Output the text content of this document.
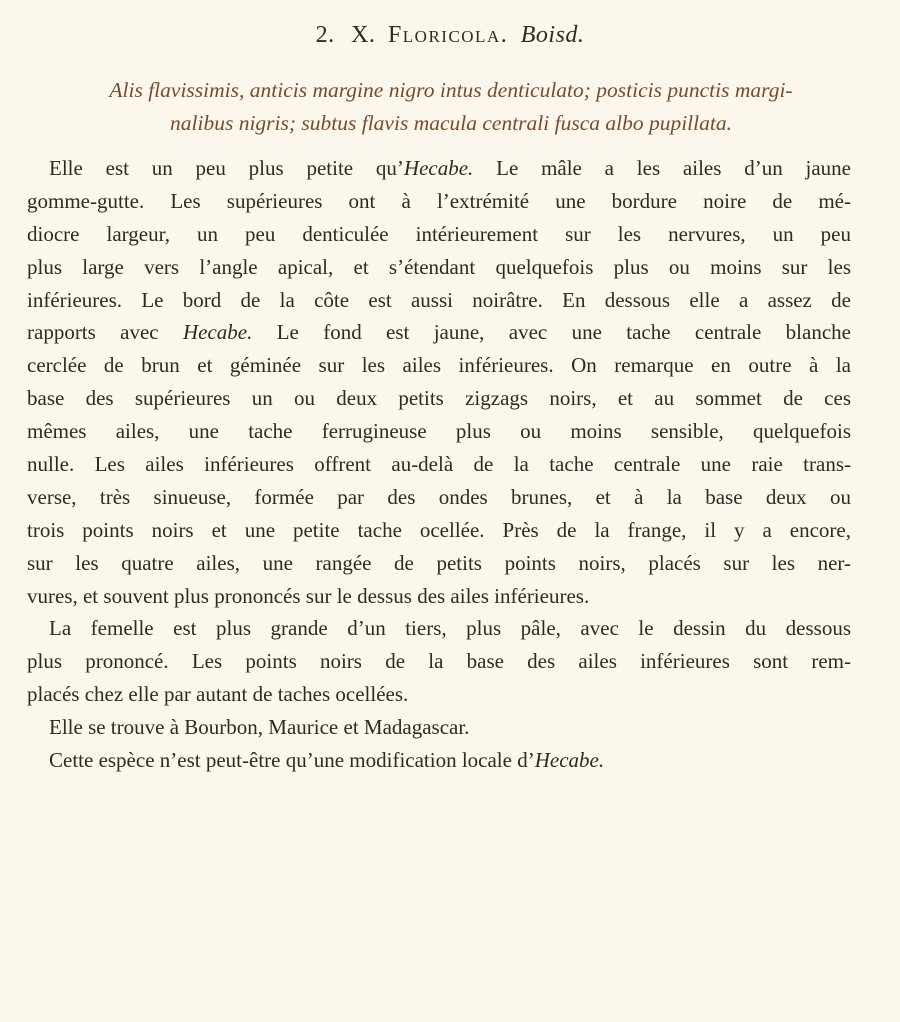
2. X. Floricola. Boisd.
Alis flavissimis, anticis margine nigro intus denticulato; posticis punctis margi-
nalibus nigris; subtus flavis macula centrali fusca albo pupillata.
Elle est un peu plus petite qu’Hecabe. Le mâle a les ailes d’un jaune
gomme-gutte. Les supérieures ont à l’extrémité une bordure noire de mé-
diocre largeur, un peu denticulée intérieurement sur les nervures, un peu
plus large vers l’angle apical, et s’étendant quelquefois plus ou moins sur les
inférieures. Le bord de la côte est aussi noirâtre. En dessous elle a assez de
rapports avec Hecabe. Le fond est jaune, avec une tache centrale blanche
cerclée de brun et géminée sur les ailes inférieures. On remarque en outre à la
base des supérieures un ou deux petits zigzags noirs, et au sommet de ces
mêmes ailes, une tache ferrugineuse plus ou moins sensible, quelquefois
nulle. Les ailes inférieures offrent au-delà de la tache centrale une raie trans-
verse, très sinueuse, formée par des ondes brunes, et à la base deux ou
trois points noirs et une petite tache ocellée. Près de la frange, il y a encore,
sur les quatre ailes, une rangée de petits points noirs, placés sur les ner-
vures, et souvent plus prononcés sur le dessus des ailes inférieures.
La femelle est plus grande d’un tiers, plus pâle, avec le dessin du dessous
plus prononcé. Les points noirs de la base des ailes inférieures sont rem-
placés chez elle par autant de taches ocellées.
Elle se trouve à Bourbon, Maurice et Madagascar.
Cette espèce n’est peut-être qu’une modification locale d’Hecabe.
